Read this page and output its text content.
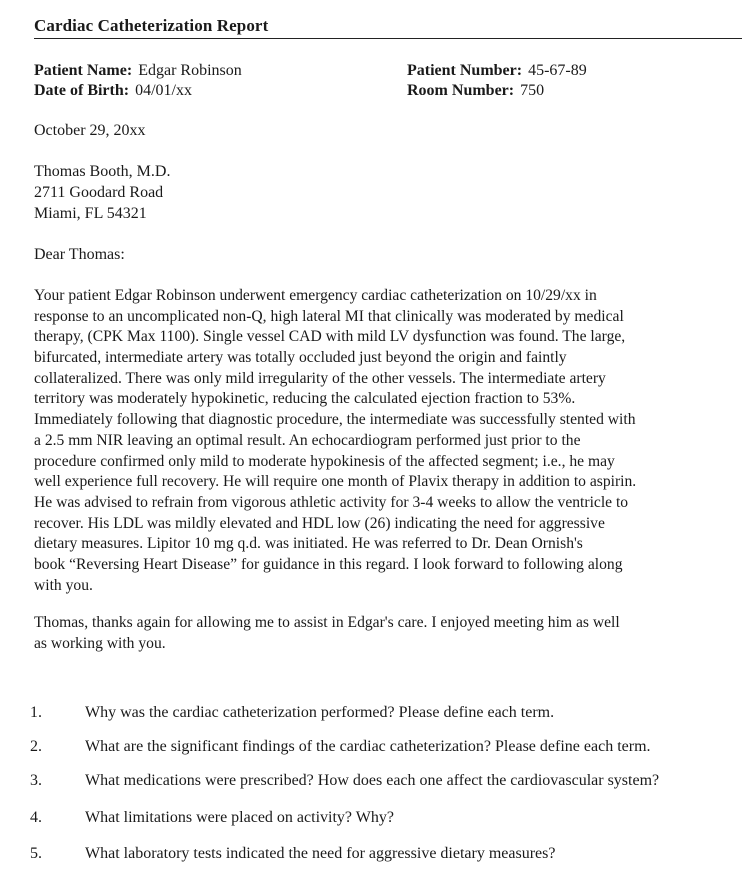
Cardiac Catheterization Report
Patient Name: Edgar Robinson
Date of Birth: 04/01/xx
Patient Number: 45-67-89
Room Number: 750
October 29, 20xx
Thomas Booth, M.D.
2711 Goodard Road
Miami, FL 54321
Dear Thomas:
Your patient Edgar Robinson underwent emergency cardiac catheterization on 10/29/xx in
response to an uncomplicated non-Q, high lateral MI that clinically was moderated by medical
therapy, (CPK Max 1100). Single vessel CAD with mild LV dysfunction was found. The large,
bifurcated, intermediate artery was totally occluded just beyond the origin and faintly
collateralized. There was only mild irregularity of the other vessels. The intermediate artery
territory was moderately hypokinetic, reducing the calculated ejection fraction to 53%.
Immediately following that diagnostic procedure, the intermediate was successfully stented with
a 2.5 mm NIR leaving an optimal result. An echocardiogram performed just prior to the
procedure confirmed only mild to moderate hypokinesis of the affected segment; i.e., he may
well experience full recovery. He will require one month of Plavix therapy in addition to aspirin.
He was advised to refrain from vigorous athletic activity for 3-4 weeks to allow the ventricle to
recover. His LDL was mildly elevated and HDL low (26) indicating the need for aggressive
dietary measures. Lipitor 10 mg q.d. was initiated. He was referred to Dr. Dean Ornish's
book “Reversing Heart Disease” for guidance in this regard. I look forward to following along
with you.
Thomas, thanks again for allowing me to assist in Edgar's care. I enjoyed meeting him as well
as working with you.
1.	Why was the cardiac catheterization performed? Please define each term.
2.	What are the significant findings of the cardiac catheterization? Please define each term.
3.	What medications were prescribed? How does each one affect the cardiovascular system?
4.	What limitations were placed on activity? Why?
5.	What laboratory tests indicated the need for aggressive dietary measures?
